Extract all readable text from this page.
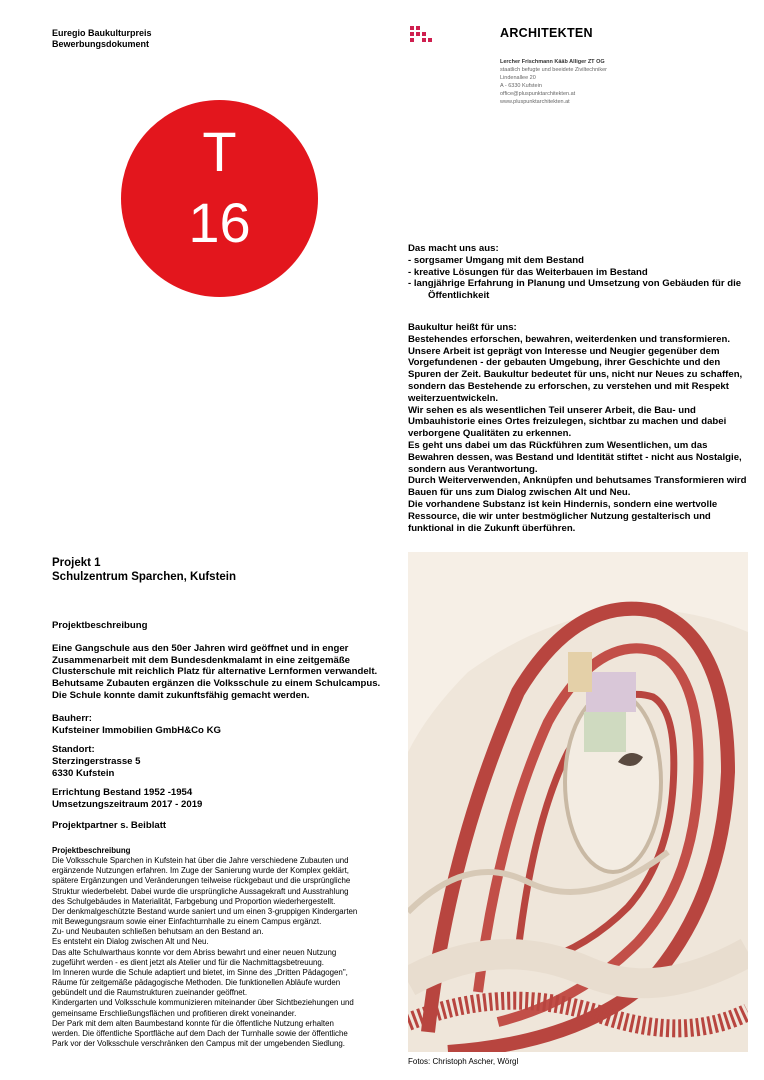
Euregio Baukulturpreis
Bewerbungsdokument
ARCHITEKTEN
Lercher Frischmann Kääb Alliger ZT OG
staatlich befugte und beeidete Ziviltechniker
Lindenallee 20
A - 6330 Kufstein
office@pluspunktarchitekten.at
www.pluspunktarchitekten.at
T
16	Das macht uns aus:
- sorgsamer Umgang mit dem Bestand
- kreative Lösungen für das Weiterbauen im Bestand
- langjährige Erfahrung in Planung und Umsetzung von Gebäuden für die
Öffentlichkeit
Baukultur heißt für uns:
Bestehendes erforschen, bewahren, weiterdenken und transformieren.
Unsere Arbeit ist geprägt von Interesse und Neugier gegenüber dem
Vorgefundenen - der gebauten Umgebung, ihrer Geschichte und den
Spuren der Zeit. Baukultur bedeutet für uns, nicht nur Neues zu schaffen,
sondern das Bestehende zu erforschen, zu verstehen und mit Respekt
weiterzuentwickeln.
Wir sehen es als wesentlichen Teil unserer Arbeit, die Bau- und
Umbauhistorie eines Ortes freizulegen, sichtbar zu machen und dabei
verborgene Qualitäten zu erkennen.
Es geht uns dabei um das Rückführen zum Wesentlichen, um das
Bewahren dessen, was Bestand und Identität stiftet - nicht aus Nostalgie,
sondern aus Verantwortung.
Durch Weiterverwenden, Anknüpfen und behutsames Transformieren wird
Bauen für uns zum Dialog zwischen Alt und Neu.
Die vorhandene Substanz ist kein Hindernis, sondern eine wertvolle
Ressource, die wir unter bestmöglicher Nutzung gestalterisch und
funktional in die Zukunft überführen.
Projekt 1
Schulzentrum Sparchen, Kufstein
Projektbeschreibung
Eine Gangschule aus den 50er Jahren wird geöffnet und in enger
Zusammenarbeit mit dem Bundesdenkmalamt in eine zeitgemäße
Clusterschule mit reichlich Platz für alternative Lernformen verwandelt.
Behutsame Zubauten ergänzen die Volksschule zu einem Schulcampus.
Die Schule konnte damit zukunftsfähig gemacht werden.
Bauherr:
Kufsteiner Immobilien GmbH&Co KG
Standort:
Sterzingerstrasse 5
6330 Kufstein
Errichtung Bestand 1952 -1954
Umsetzungszeitraum 2017 - 2019
Projektpartner s. Beiblatt
Projektbeschreibung
Die Volksschule Sparchen in Kufstein hat über die Jahre verschiedene Zubauten und
ergänzende Nutzungen erfahren. Im Zuge der Sanierung wurde der Komplex geklärt,
spätere Ergänzungen und Veränderungen teilweise rückgebaut und die ursprüngliche
Struktur wiederbelebt. Dabei wurde die ursprüngliche Aussagekraft und Ausstrahlung
des Schulgebäudes in Materialität, Farbgebung und Proportion wiederhergestellt.
Der denkmalgeschützte Bestand wurde saniert und um einen 3-gruppigen Kindergarten
mit Bewegungsraum sowie einer Einfachturnhalle zu einem Campus ergänzt.
Zu- und Neubauten schließen behutsam an den Bestand an.
Es entsteht ein Dialog zwischen Alt und Neu.
Das alte Schulwarthaus konnte vor dem Abriss bewahrt und einer neuen Nutzung
zugeführt werden - es dient jetzt als Atelier und für die Nachmittagsbetreuung.
Im Inneren wurde die Schule adaptiert und bietet, im Sinne des „Dritten Pädagogen",
Räume für zeitgemäße pädagogische Methoden. Die funktionellen Abläufe wurden
gebündelt und die Raumstrukturen zueinander geöffnet.
Kindergarten und Volksschule kommunizieren miteinander über Sichtbeziehungen und
gemeinsame Erschließungsflächen und profitieren direkt voneinander.
Der Park mit dem alten Baumbestand konnte für die öffentliche Nutzung erhalten
werden. Die öffentliche Sportfläche auf dem Dach der Turnhalle sowie der öffentliche
Park vor der Volksschule verschränken den Campus mit der umgebenden Siedlung.
Fotos: Christoph Ascher, Wörgl
